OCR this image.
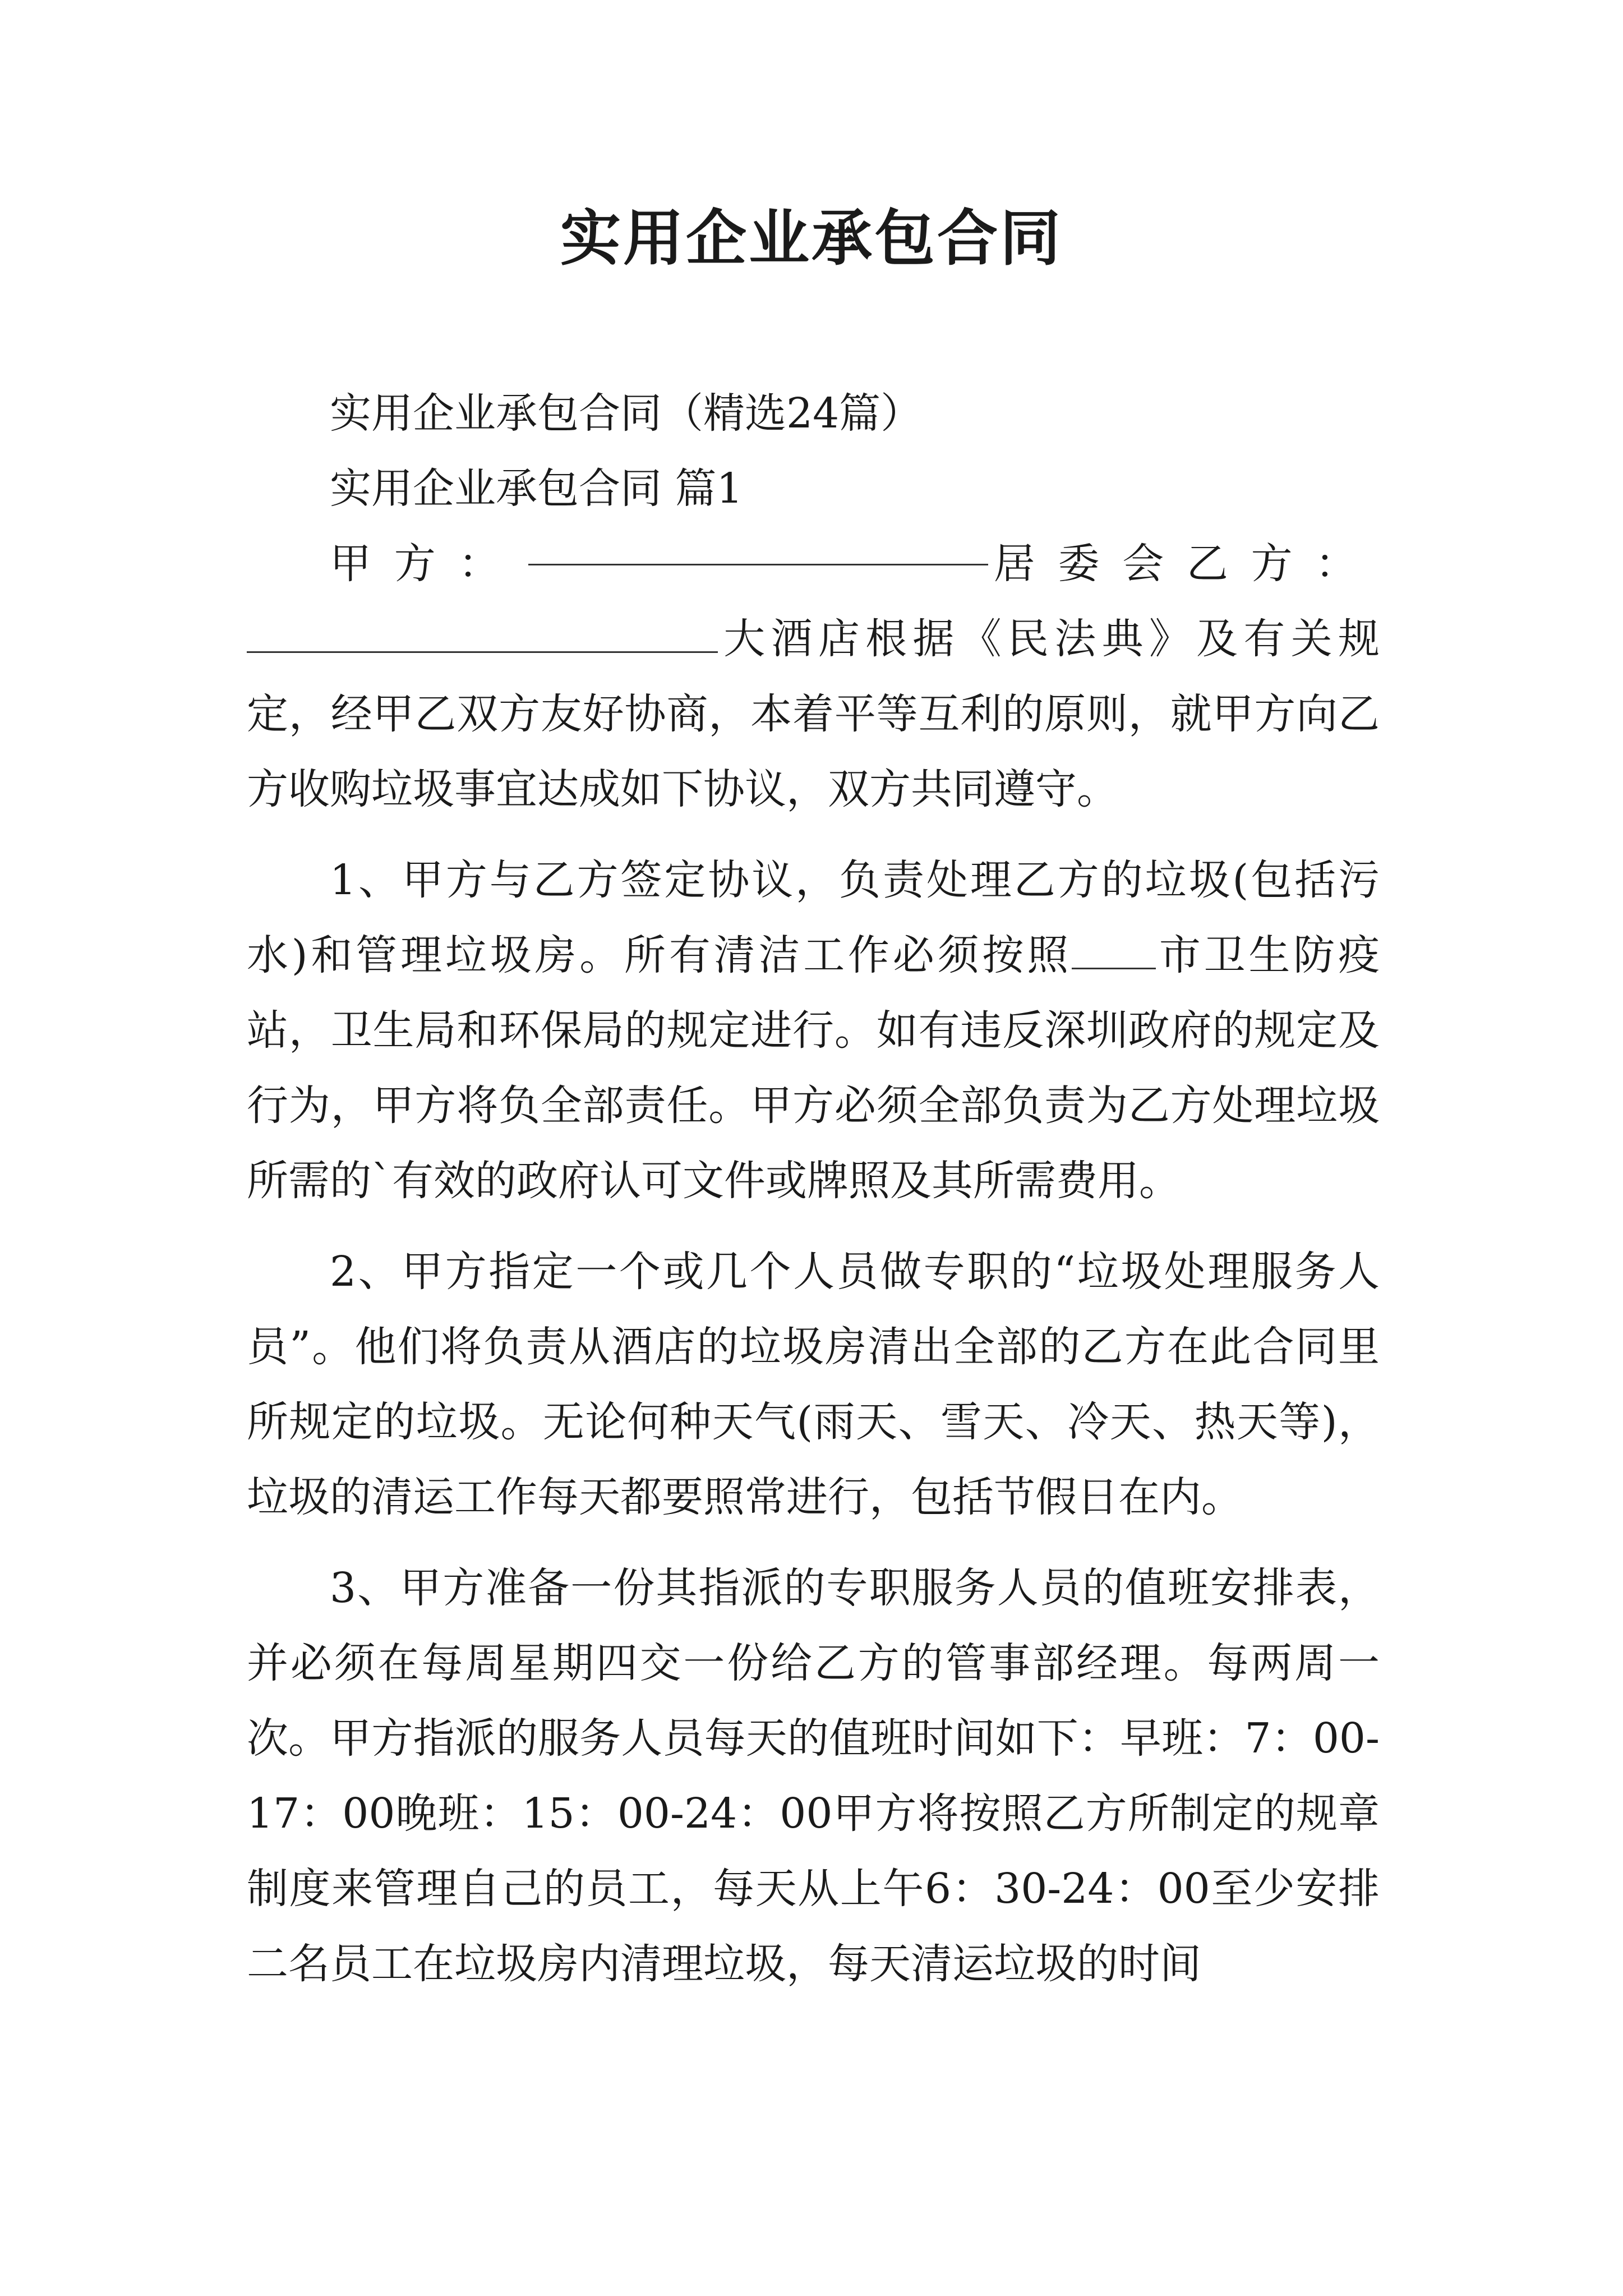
实用企业承包合同

实用企业承包合同（精选24篇）

实用企业承包合同 篇1

甲方：	居委会乙方：

大酒店根据《民法典》及有关规定，经甲乙双方友好协商，本着平等互利的原则，就甲方向乙方收购垃圾事宜达成如下协议，双方共同遵守。

1、甲方与乙方签定协议，负责处理乙方的垃圾(包括污水)和管理垃圾房。所有清洁工作必须按照 市卫生防疫站，卫生局和环保局的规定进行。如有违反深圳政府的规定及行为，甲方将负全部责任。甲方必须全部负责为乙方处理垃圾所需的`有效的政府认可文件或牌照及其所需费用。

2、甲方指定一个或几个人员做专职的“垃圾处理服务人员”。他们将负责从酒店的垃圾房清出全部的乙方在此合同里所规定的垃圾。无论何种天气(雨天、雪天、冷天、热天等)，垃圾的清运工作每天都要照常进行，包括节假日在内。

3、甲方准备一份其指派的专职服务人员的值班安排表，并必须在每周星期四交一份给乙方的管事部经理。每两周一次。甲方指派的服务人员每天的值班时间如下：早班：7：00-17：00晚班：15：00-24：00甲方将按照乙方所制定的规章制度来管理自己的员工，每天从上午6：30-24：00至少安排二名员工在垃圾房内清理垃圾，每天清运垃圾的时间
